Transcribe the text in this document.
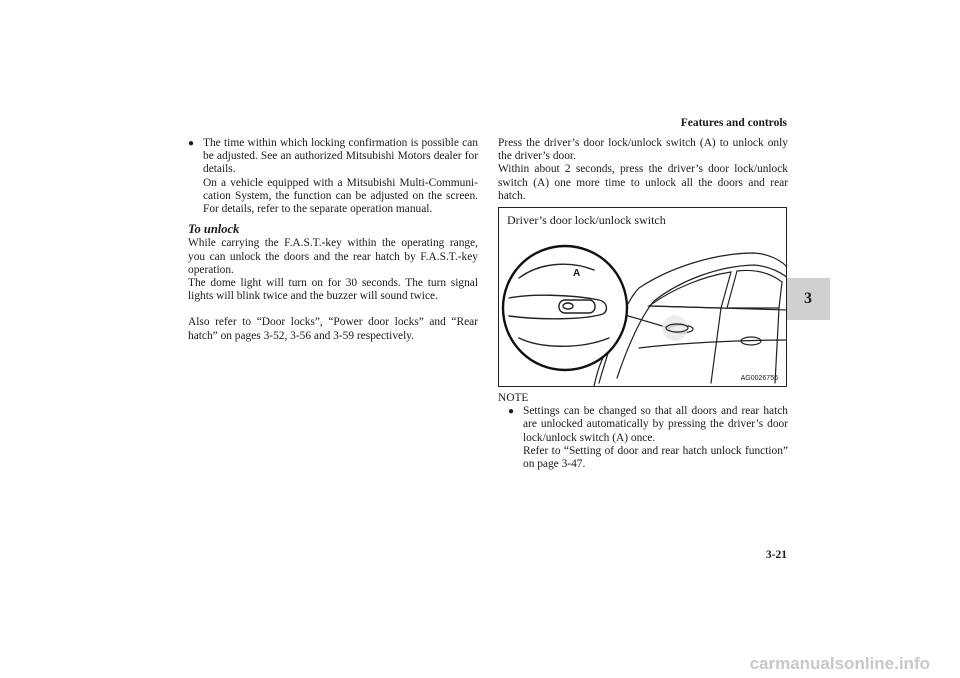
Features and controls
3
● The time within which locking confirmation is possible can be adjusted. See an authorized Mitsubishi Motors dealer for details.

On a vehicle equipped with a Mitsubishi Multi-Communi-cation System, the function can be adjusted on the screen. For details, refer to the separate operation manual.

To unlock

While carrying the F.A.S.T.-key within the operating range, you can unlock the doors and the rear hatch by F.A.S.T.-key operation.

The dome light will turn on for 30 seconds. The turn signal lights will blink twice and the buzzer will sound twice.

Also refer to “Door locks”, “Power door locks” and “Rear hatch” on pages 3-52, 3-56 and 3-59 respectively.

Press the driver’s door lock/unlock switch (A) to unlock only the driver’s door.

Within about 2 seconds, press the driver’s door lock/unlock switch (A) one more time to unlock all the doors and rear hatch.

Driver’s door lock/unlock switch
A
AG0026756
NOTE
● Settings can be changed so that all doors and rear hatch are unlocked automatically by pressing the driver’s door lock/unlock switch (A) once.

Refer to “Setting of door and rear hatch unlock function” on page 3-47.

3-21
carmanualsonline.info
